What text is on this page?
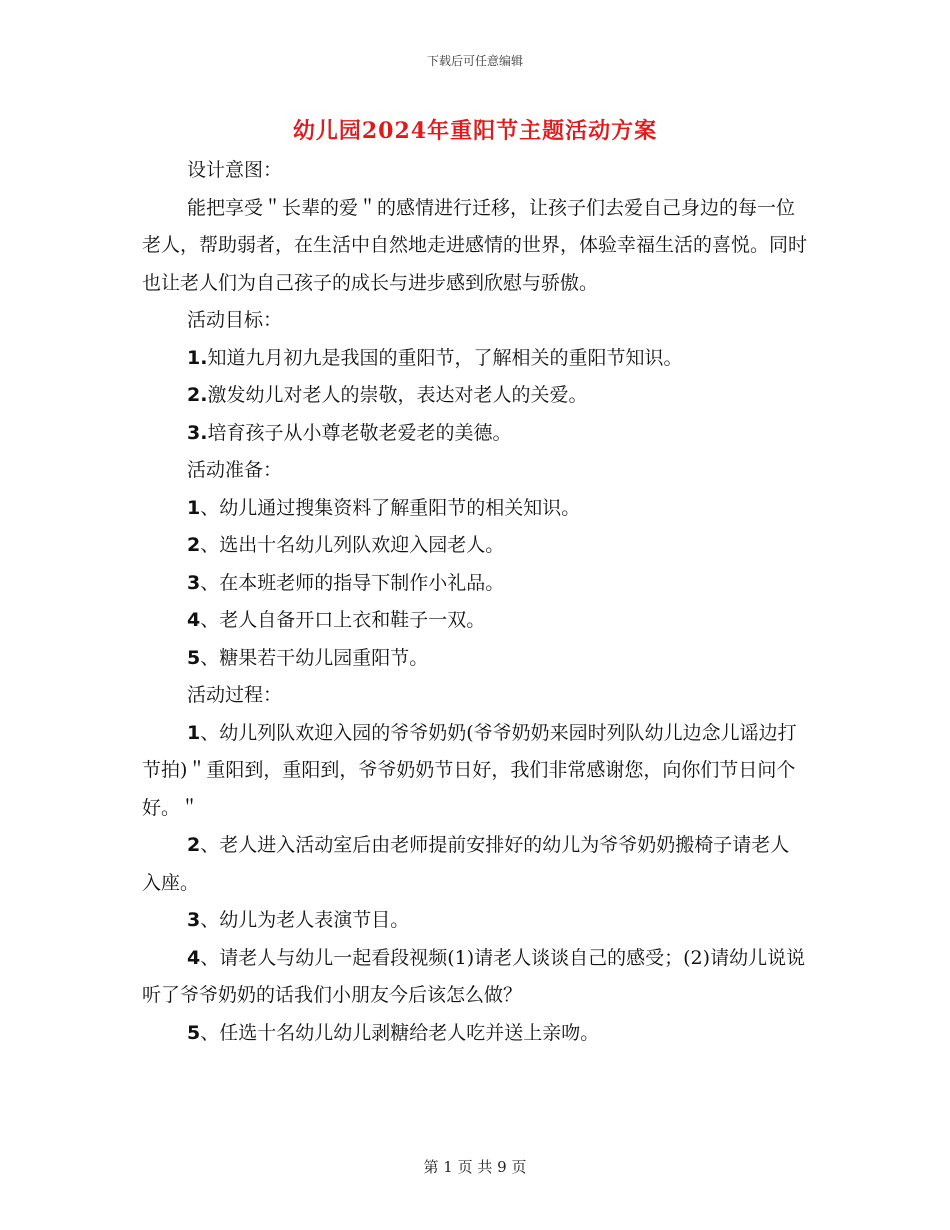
下载后可任意编辑
幼儿园2024年重阳节主题活动方案

设计意图：

能把享受＂长辈的爱＂的感情进行迁移，让孩子们去爱自己身边的每一位老人，帮助弱者，在生活中自然地走进感情的世界，体验幸福生活的喜悦。同时也让老人们为自己孩子的成长与进步感到欣慰与骄傲。

活动目标：

1.知道九月初九是我国的重阳节，了解相关的重阳节知识。

2.激发幼儿对老人的崇敬，表达对老人的关爱。

3.培育孩子从小尊老敬老爱老的美德。

活动准备：

1、幼儿通过搜集资料了解重阳节的相关知识。

2、选出十名幼儿列队欢迎入园老人。

3、在本班老师的指导下制作小礼品。

4、老人自备开口上衣和鞋子一双。

5、糖果若干幼儿园重阳节。

活动过程：

1、幼儿列队欢迎入园的爷爷奶奶(爷爷奶奶来园时列队幼儿边念儿谣边打节拍)＂重阳到，重阳到，爷爷奶奶节日好，我们非常感谢您，向你们节日问个好。＂

2、老人进入活动室后由老师提前安排好的幼儿为爷爷奶奶搬椅子请老人入座。

3、幼儿为老人表演节目。

4、请老人与幼儿一起看段视频(1)请老人谈谈自己的感受；(2)请幼儿说说听了爷爷奶奶的话我们小朋友今后该怎么做？

5、任选十名幼儿幼儿剥糖给老人吃并送上亲吻。

第 1 页 共 9 页
